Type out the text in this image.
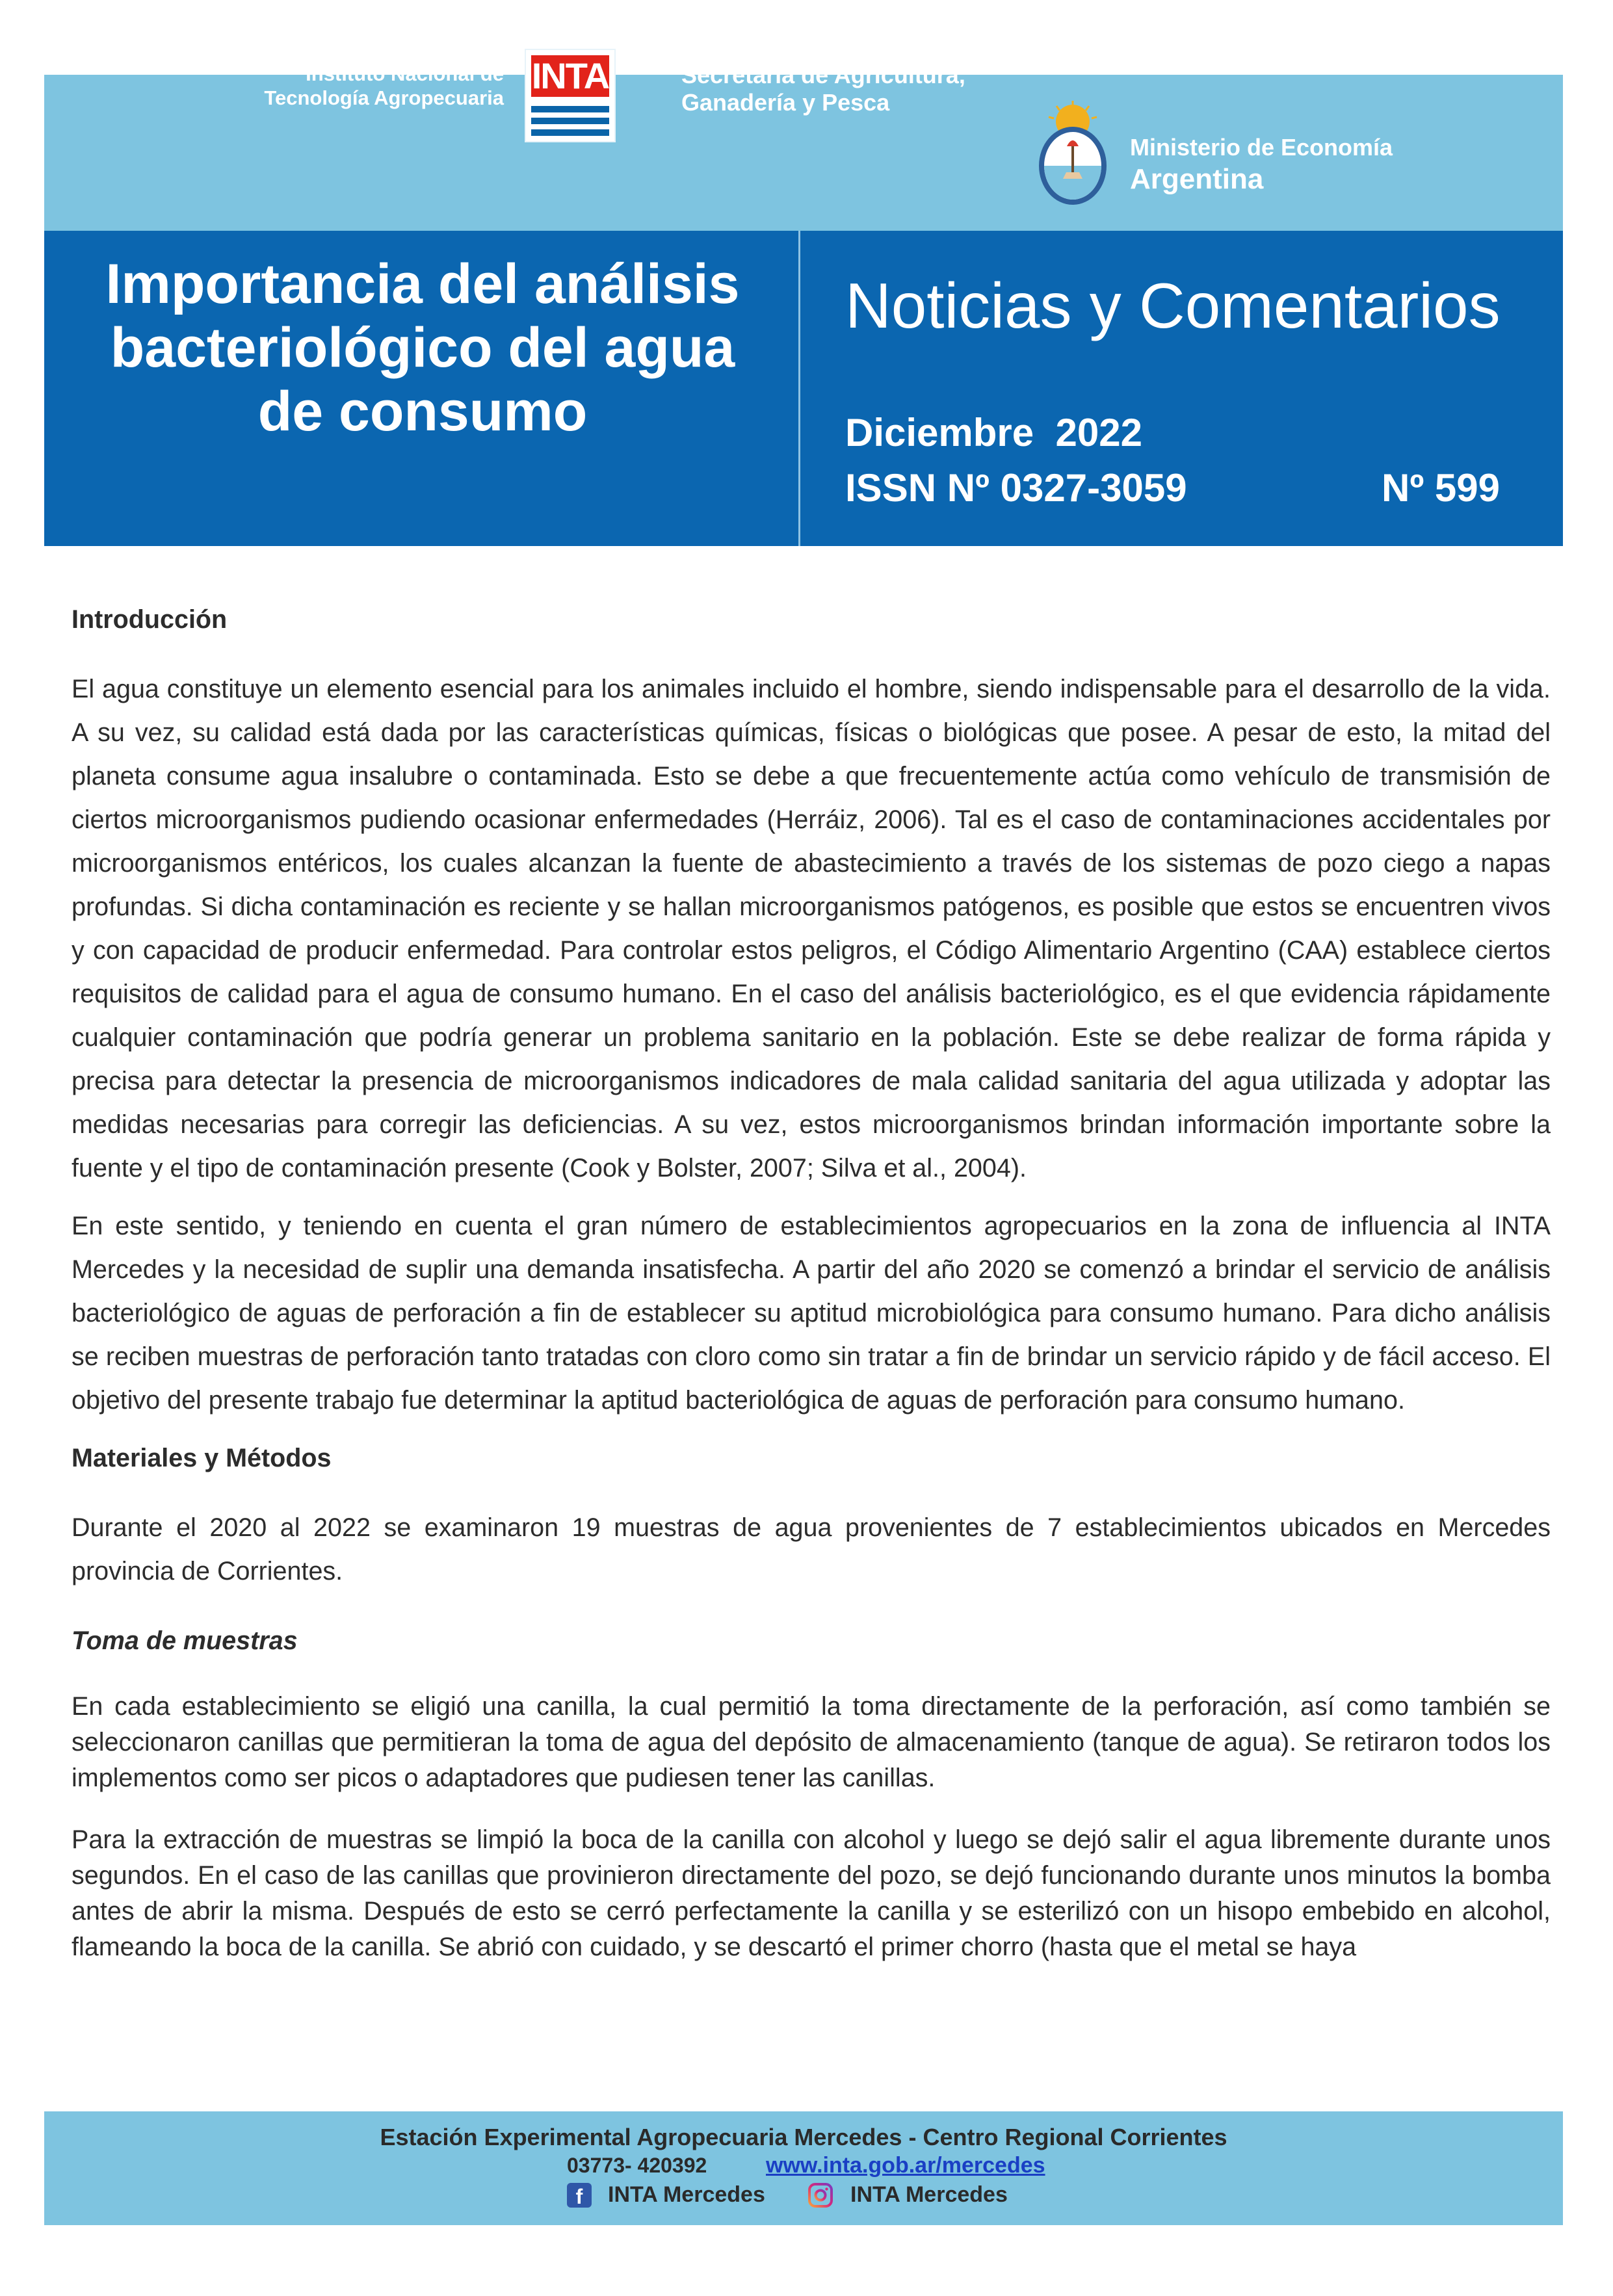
Instituto Nacional de
Tecnología Agropecuaria
INTA	Secretaría de Agricultura,
Ganadería y Pesca
Ministerio de Economía
Argentina
Importancia del análisis bacteriológico del agua de consumo
Noticias y Comentarios
Diciembre  2022
ISSN Nº 0327-3059	Nº 599
Introducción

El agua constituye un elemento esencial para los animales incluido el hombre, siendo indispensable para el desarrollo de la vida. A su vez, su calidad está dada por las características químicas, físicas o biológicas que posee. A pesar de esto, la mitad del planeta consume agua insalubre o contaminada. Esto se debe a que frecuentemente actúa como vehículo de transmisión de ciertos microorganismos pudiendo ocasionar enfermedades (Herráiz, 2006). Tal es el caso de contaminaciones accidentales por microorganismos entéricos, los cuales alcanzan la fuente de abastecimiento a través de los sistemas de pozo ciego a napas profundas. Si dicha contaminación es reciente y se hallan microorganismos patógenos, es posible que estos se encuentren vivos y con capacidad de producir enfermedad. Para controlar estos peligros, el Código Alimentario Argentino (CAA) establece ciertos requisitos de calidad para el agua de consumo humano. En el caso del análisis bacteriológico, es el que evidencia rápidamente cualquier contaminación que podría generar un problema sanitario en la población. Este se debe realizar de forma rápida y precisa para detectar la presencia de microorganismos indicadores de mala calidad sanitaria del agua utilizada y adoptar las medidas necesarias para corregir las deficiencias. A su vez, estos microorganismos brindan información importante sobre la fuente y el tipo de contaminación presente (Cook y Bolster, 2007; Silva et al., 2004).

En este sentido, y teniendo en cuenta el gran número de establecimientos agropecuarios en la zona de influencia al INTA Mercedes y la necesidad de suplir una demanda insatisfecha. A partir del año 2020 se comenzó a brindar el servicio de análisis bacteriológico de aguas de perforación a fin de establecer su aptitud microbiológica para consumo humano. Para dicho análisis se reciben muestras de perforación tanto tratadas con cloro como sin tratar a fin de brindar un servicio rápido y de fácil acceso. El objetivo del presente trabajo fue determinar la aptitud bacteriológica de aguas de perforación para consumo humano.

Materiales y Métodos

Durante el 2020 al 2022 se examinaron 19 muestras de agua provenientes de 7 establecimientos ubicados en Mercedes provincia de Corrientes.

Toma de muestras

En cada establecimiento se eligió una canilla, la cual permitió la toma directamente de la perforación, así como también se seleccionaron canillas que permitieran la toma de agua del depósito de almacenamiento (tanque de agua). Se retiraron todos los implementos como ser picos o adaptadores que pudiesen tener las canillas.

Para la extracción de muestras se limpió la boca de la canilla con alcohol y luego se dejó salir el agua libremente durante unos segundos. En el caso de las canillas que provinieron directamente del pozo, se dejó funcionando durante unos minutos la bomba antes de abrir la misma. Después de esto se cerró perfectamente la canilla y se esterilizó con un hisopo embebido en alcohol, flameando la boca de la canilla. Se abrió con cuidado, y se descartó el primer chorro (hasta que el metal se haya

Estación Experimental Agropecuaria Mercedes - Centro Regional Corrientes
03773- 420392	www.inta.gob.ar/mercedes
f	INTA Mercedes	INTA Mercedes
